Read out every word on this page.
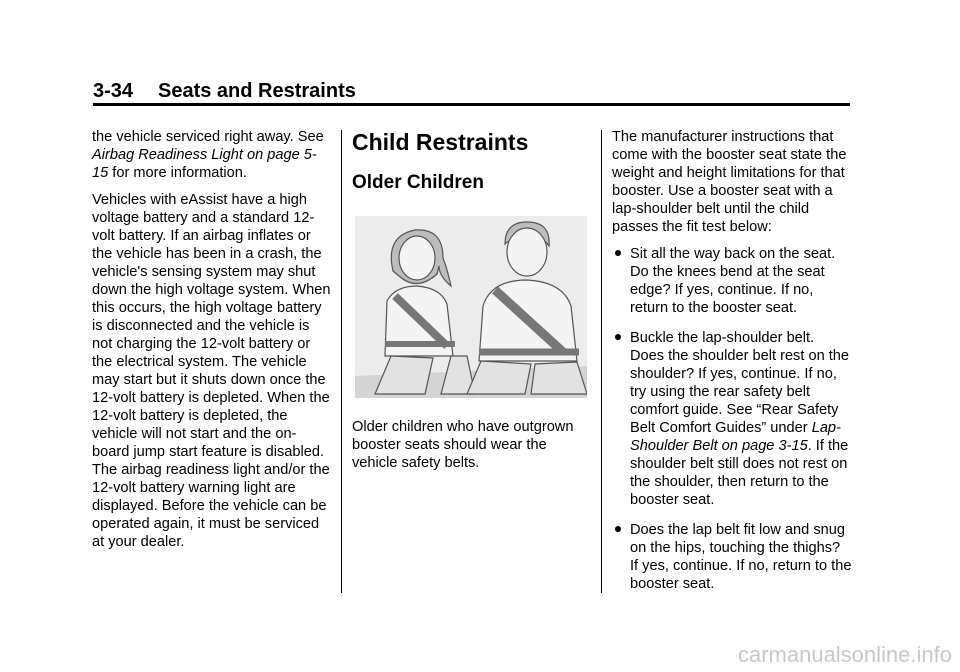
3-34 Seats and Restraints

the vehicle serviced right away. See
Airbag Readiness Light on page 5-15 for more information.

Vehicles with eAssist have a high voltage battery and a standard 12-volt battery. If an airbag inflates or the vehicle has been in a crash, the vehicle's sensing system may shut down the high voltage system. When this occurs, the high voltage battery is disconnected and the vehicle is not charging the 12-volt battery or the electrical system. The vehicle may start but it shuts down once the 12-volt battery is depleted. When the 12-volt battery is depleted, the vehicle will not start and the on-board jump start feature is disabled. The airbag readiness light and/or the 12-volt battery warning light are displayed. Before the vehicle can be operated again, it must be serviced at your dealer.

Child Restraints
Older Children

Older children who have outgrown booster seats should wear the vehicle safety belts.

The manufacturer instructions that come with the booster seat state the weight and height limitations for that booster. Use a booster seat with a lap-shoulder belt until the child passes the fit test below:

Sit all the way back on the seat. Do the knees bend at the seat edge? If yes, continue. If no, return to the booster seat.
Buckle the lap-shoulder belt. Does the shoulder belt rest on the shoulder? If yes, continue. If no, try using the rear safety belt comfort guide. See “Rear Safety Belt Comfort Guides” under Lap-Shoulder Belt on page 3-15. If the shoulder belt still does not rest on the shoulder, then return to the booster seat.
Does the lap belt fit low and snug on the hips, touching the thighs? If yes, continue. If no, return to the booster seat.
carmanualsonline.info
